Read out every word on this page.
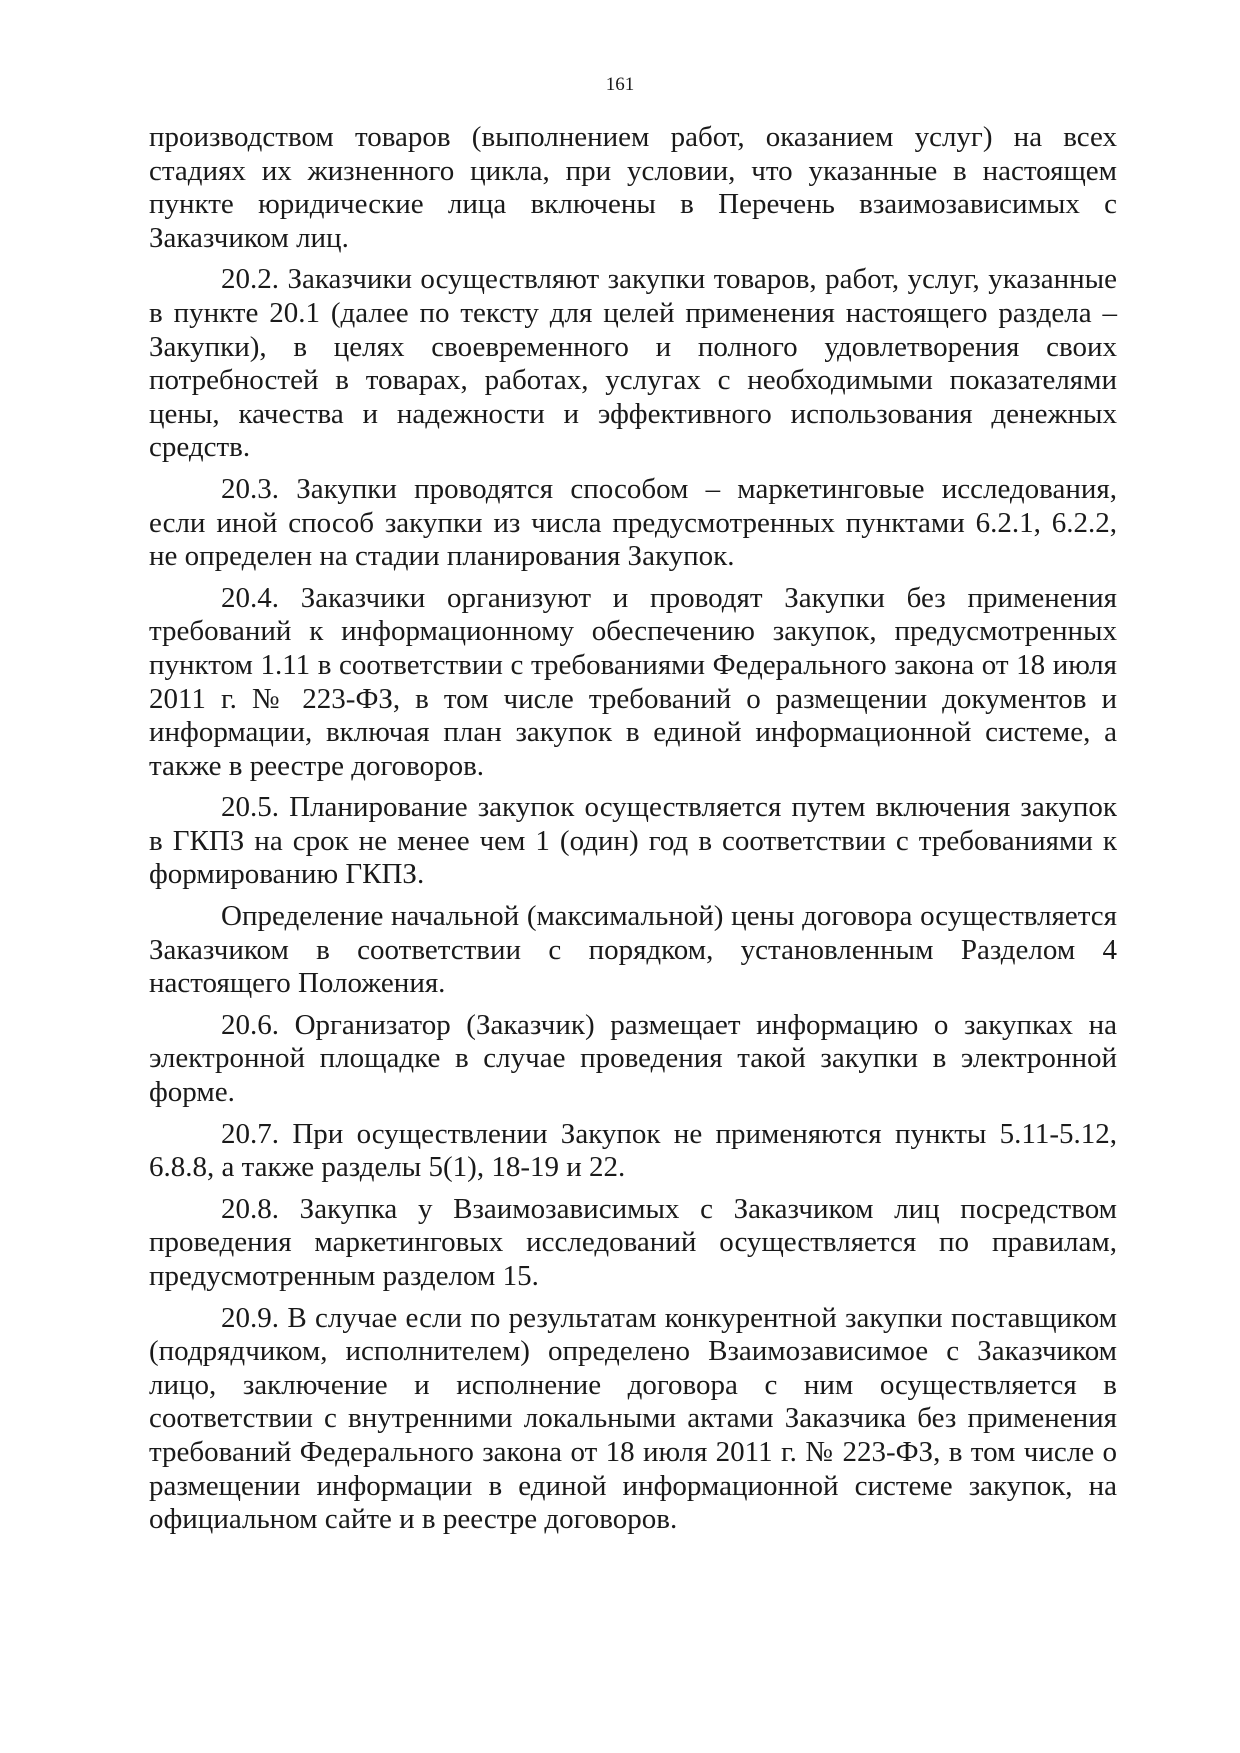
161

производством товаров (выполнением работ, оказанием услуг) на всех стадиях их жизненного цикла, при условии, что указанные в настоящем пункте юридические лица включены в Перечень взаимозависимых с Заказчиком лиц.

20.2. Заказчики осуществляют закупки товаров, работ, услуг, указанные в пункте 20.1 (далее по тексту для целей применения настоящего раздела – Закупки), в целях своевременного и полного удовлетворения своих потребностей в товарах, работах, услугах с необходимыми показателями цены, качества и надежности и эффективного использования денежных средств.

20.3. Закупки проводятся способом – маркетинговые исследования, если иной способ закупки из числа предусмотренных пунктами 6.2.1, 6.2.2, не определен на стадии планирования Закупок.

20.4. Заказчики организуют и проводят Закупки без применения требований к информационному обеспечению закупок, предусмотренных пунктом 1.11 в соответствии с требованиями Федерального закона от 18 июля 2011 г. № 223-ФЗ, в том числе требований о размещении документов и информации, включая план закупок в единой информационной системе, а также в реестре договоров.

20.5. Планирование закупок осуществляется путем включения закупок в ГКПЗ на срок не менее чем 1 (один) год в соответствии с требованиями к формированию ГКПЗ.

Определение начальной (максимальной) цены договора осуществляется Заказчиком в соответствии с порядком, установленным Разделом 4 настоящего Положения.

20.6. Организатор (Заказчик) размещает информацию о закупках на электронной площадке в случае проведения такой закупки в электронной форме.

20.7. При осуществлении Закупок не применяются пункты 5.11-5.12, 6.8.8, а также разделы 5(1), 18-19 и 22.

20.8. Закупка у Взаимозависимых с Заказчиком лиц посредством проведения маркетинговых исследований осуществляется по правилам, предусмотренным разделом 15.

20.9. В случае если по результатам конкурентной закупки поставщиком (подрядчиком, исполнителем) определено Взаимозависимое с Заказчиком лицо, заключение и исполнение договора с ним осуществляется в соответствии с внутренними локальными актами Заказчика без применения требований Федерального закона от 18 июля 2011 г. № 223-ФЗ, в том числе о размещении информации в единой информационной системе закупок, на официальном сайте и в реестре договоров.
